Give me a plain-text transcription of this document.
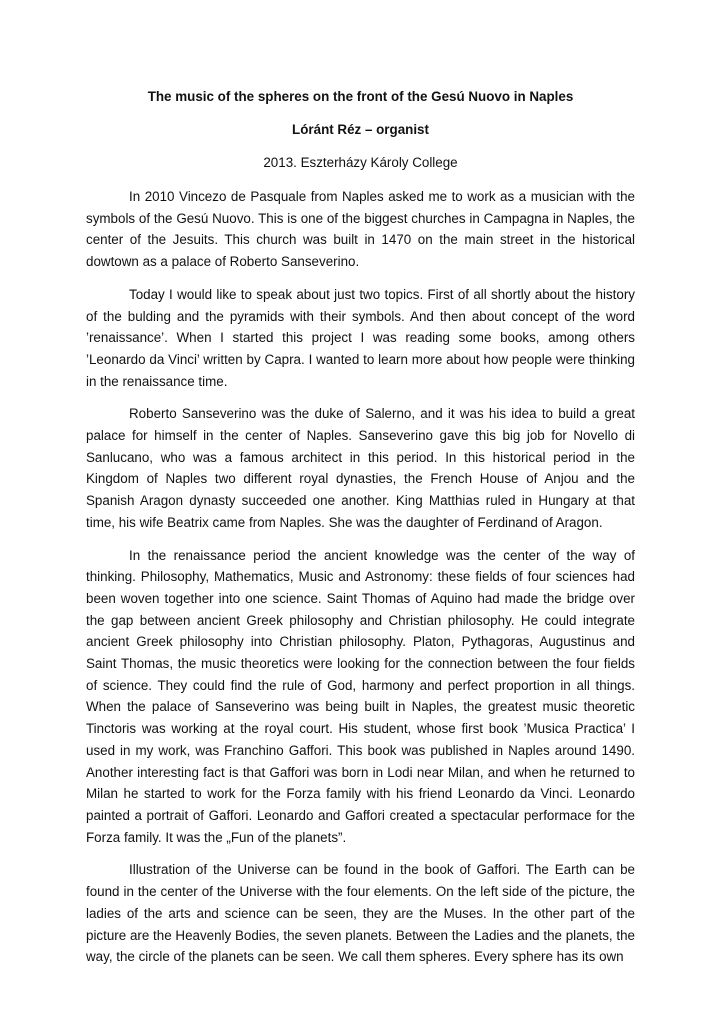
The music of the spheres on the front of the Gesú Nuovo in Naples

Lóránt Réz – organist

2013. Eszterházy Károly College

In 2010 Vincezo de Pasquale from Naples asked me to work as a musician with the symbols of the Gesú Nuovo. This is one of the biggest churches in Campagna in Naples, the center of the Jesuits. This church was built in 1470 on the main street in the historical dowtown as a palace of Roberto Sanseverino.

Today I would like to speak about just two topics. First of all shortly about the history of the bulding and the pyramids with their symbols. And then about concept of the word ’renaissance’. When I started this project I was reading some books, among others ’Leonardo da Vinci’ written by Capra. I wanted to learn more about how people were thinking in the renaissance time.

Roberto Sanseverino was the duke of Salerno, and it was his idea to build a great palace for himself in the center of Naples. Sanseverino gave this big job for Novello di Sanlucano, who was a famous architect in this period. In this historical period in the Kingdom of Naples two different royal dynasties, the French House of Anjou and the Spanish Aragon dynasty succeeded one another. King Matthias ruled in Hungary at that time, his wife Beatrix came from Naples. She was the daughter of Ferdinand of Aragon.

In the renaissance period the ancient knowledge was the center of the way of thinking. Philosophy, Mathematics, Music and Astronomy: these fields of four sciences had been woven together into one science. Saint Thomas of Aquino had made the bridge over the gap between ancient Greek philosophy and Christian philosophy. He could integrate ancient Greek philosophy into Christian philosophy. Platon, Pythagoras, Augustinus and Saint Thomas, the music theoretics were looking for the connection between the four fields of science. They could find the rule of God, harmony and perfect proportion in all things. When the palace of Sanseverino was being built in Naples, the greatest music theoretic Tinctoris was working at the royal court. His student, whose first book ’Musica Practica’ I used in my work, was Franchino Gaffori. This book was published in Naples around 1490. Another interesting fact is that Gaffori was born in Lodi near Milan, and when he returned to Milan he started to work for the Forza family with his friend Leonardo da Vinci. Leonardo painted a portrait of Gaffori. Leonardo and Gaffori created a spectacular performace for the Forza family. It was the „Fun of the planets”.

Illustration of the Universe can be found in the book of Gaffori. The Earth can be found in the center of the Universe with the four elements. On the left side of the picture, the ladies of the arts and science can be seen, they are the Muses. In the other part of the picture are the Heavenly Bodies, the seven planets. Between the Ladies and the planets, the way, the circle of the planets can be seen. We call them spheres. Every sphere has its own
